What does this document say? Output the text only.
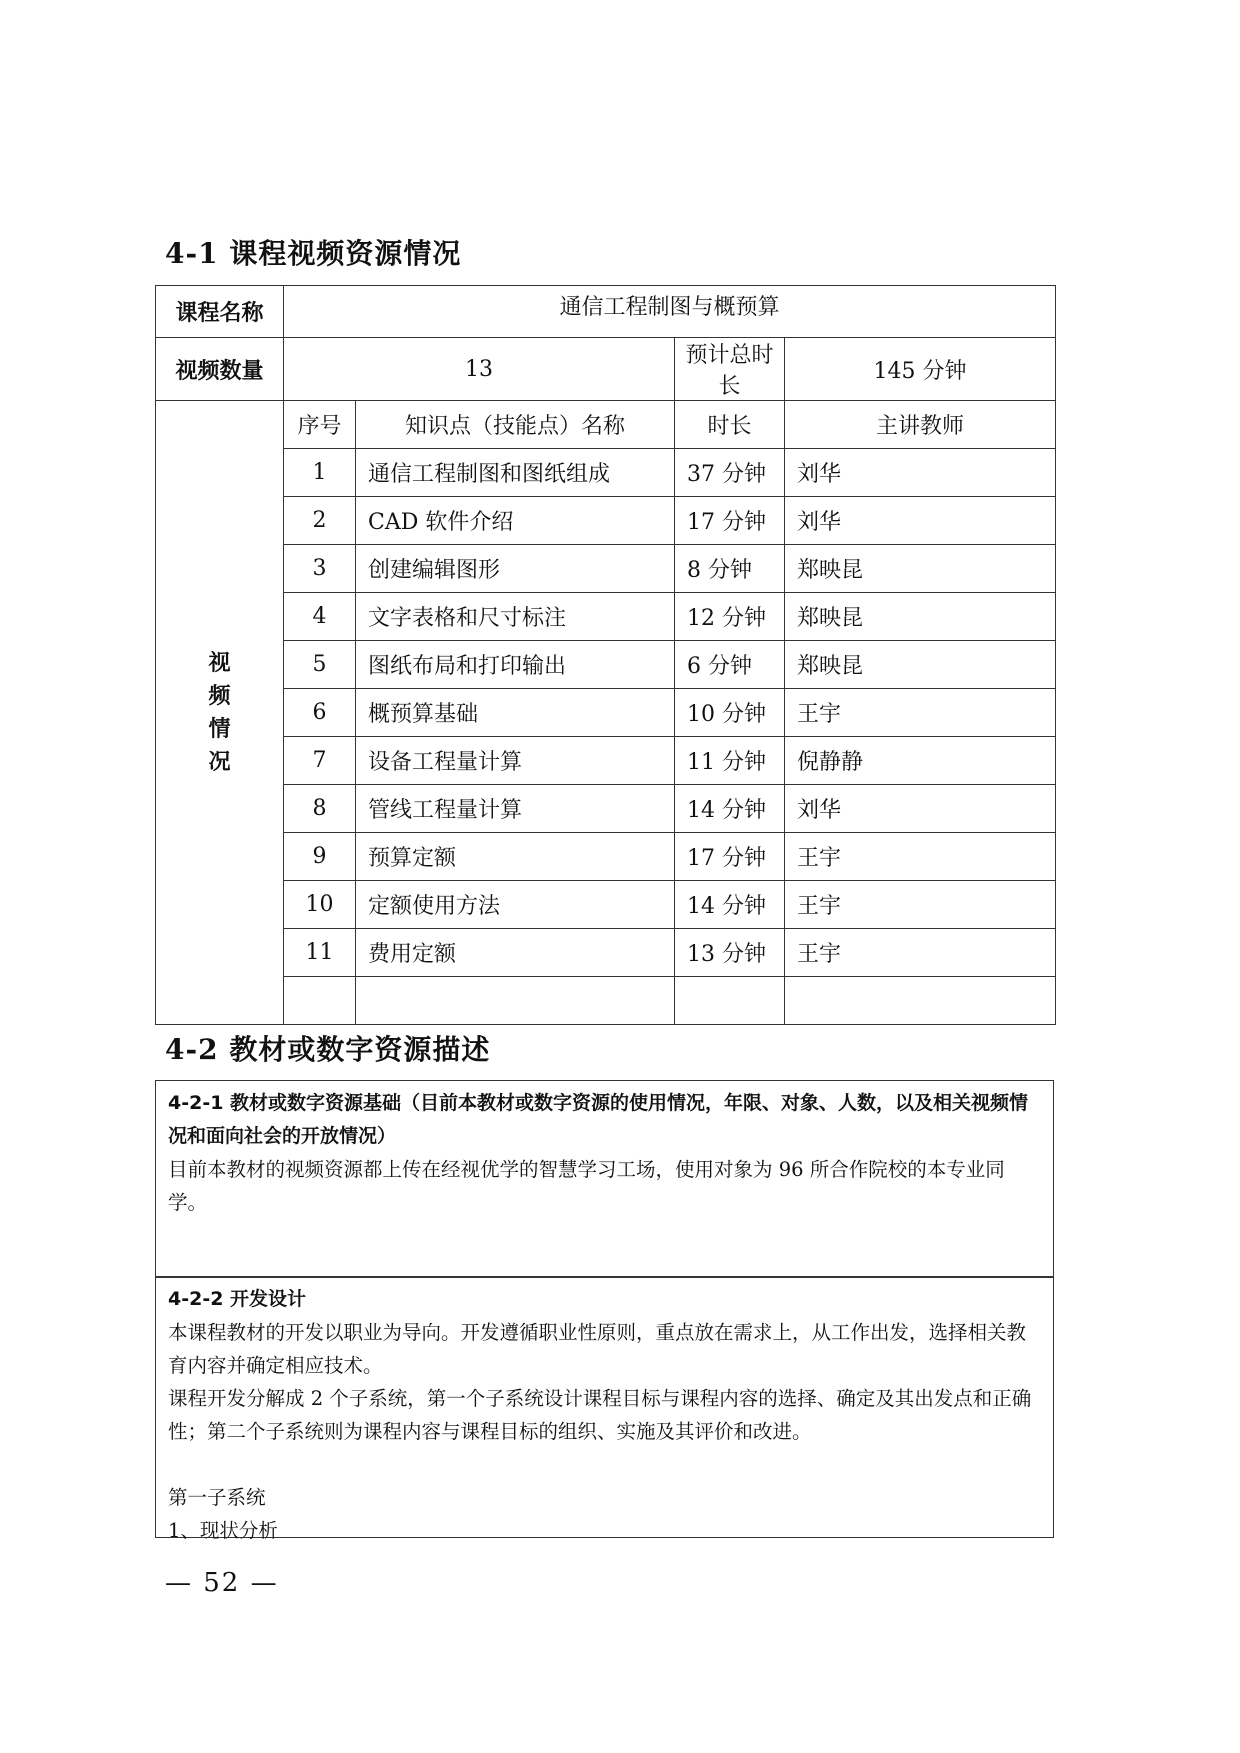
4-1 课程视频资源情况
课程名称	通信工程制图与概预算			
视频数量	13		预计总时长	145 分钟

视
频
情
况	序号	知识点（技能点）名称	时长	主讲教师
	1	通信工程制图和图纸组成	37 分钟	刘华
	2	CAD 软件介绍	17 分钟	刘华
	3	创建编辑图形	8 分钟	郑映昆
	4	文字表格和尺寸标注	12 分钟	郑映昆
	5	图纸布局和打印输出	6 分钟	郑映昆
	6	概预算基础	10 分钟	王宇
	7	设备工程量计算	11 分钟	倪静静
	8	管线工程量计算	14 分钟	刘华
	9	预算定额	17 分钟	王宇
	10	定额使用方法	14 分钟	王宇
	11	费用定额	13 分钟	王宇

4-2 教材或数字资源描述
4-2-1 教材或数字资源基础（目前本教材或数字资源的使用情况，年限、对象、人数，以及相关视频情况和面向社会的开放情况）

目前本教材的视频资源都上传在经视优学的智慧学习工场，使用对象为 96 所合作院校的本专业同学。

4-2-2 开发设计

本课程教材的开发以职业为导向。开发遵循职业性原则，重点放在需求上，从工作出发，选择相关教育内容并确定相应技术。

课程开发分解成 2 个子系统，第一个子系统设计课程目标与课程内容的选择、确定及其出发点和正确性；第二个子系统则为课程内容与课程目标的组织、实施及其评价和改进。

第一子系统

1、现状分析

— 52 —
